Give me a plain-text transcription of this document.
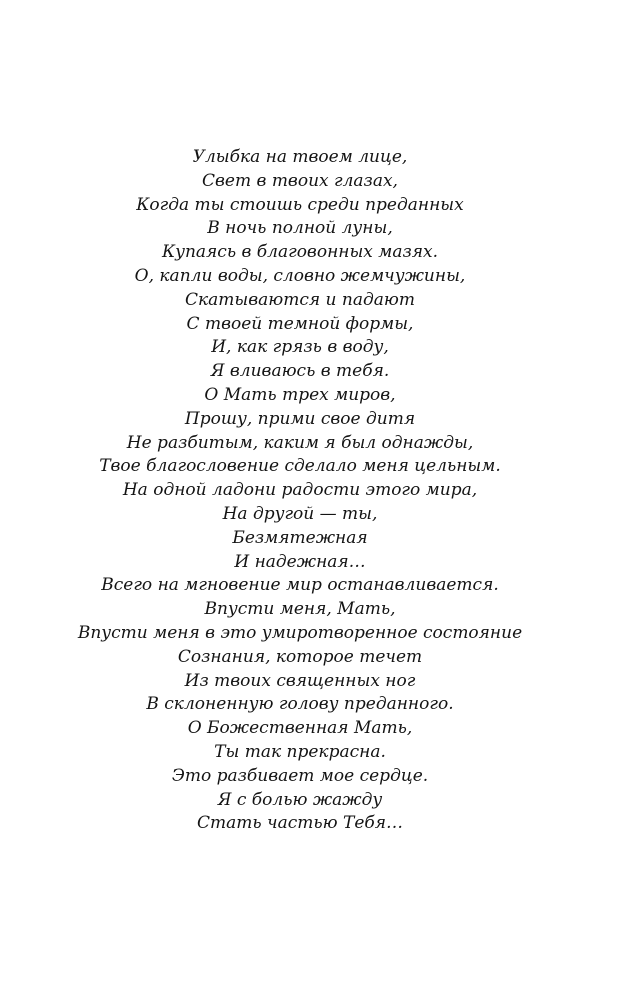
Улыбка на твоем лице,
Свет в твоих глазах,
Когда ты стоишь среди преданных
В ночь полной луны,
Купаясь в благовонных мазях.
О, капли воды, словно жемчужины,
Скатываются и падают
С твоей темной формы,
И, как грязь в воду,
Я вливаюсь в тебя.
О Мать трех миров,
Прошу, прими свое дитя
Не разбитым, каким я был однажды,
Твое благословение сделало меня цельным.
На одной ладони радости этого мира,
На другой — ты,
Безмятежная
И надежная…
Всего на мгновение мир останавливается.
Впусти меня, Мать,
Впусти меня в это умиротворенное состояние
Сознания, которое течет
Из твоих священных ног
В склоненную голову преданного.
О Божественная Мать,
Ты так прекрасна.
Это разбивает мое сердце.
Я с болью жажду
Стать частью Тебя…
